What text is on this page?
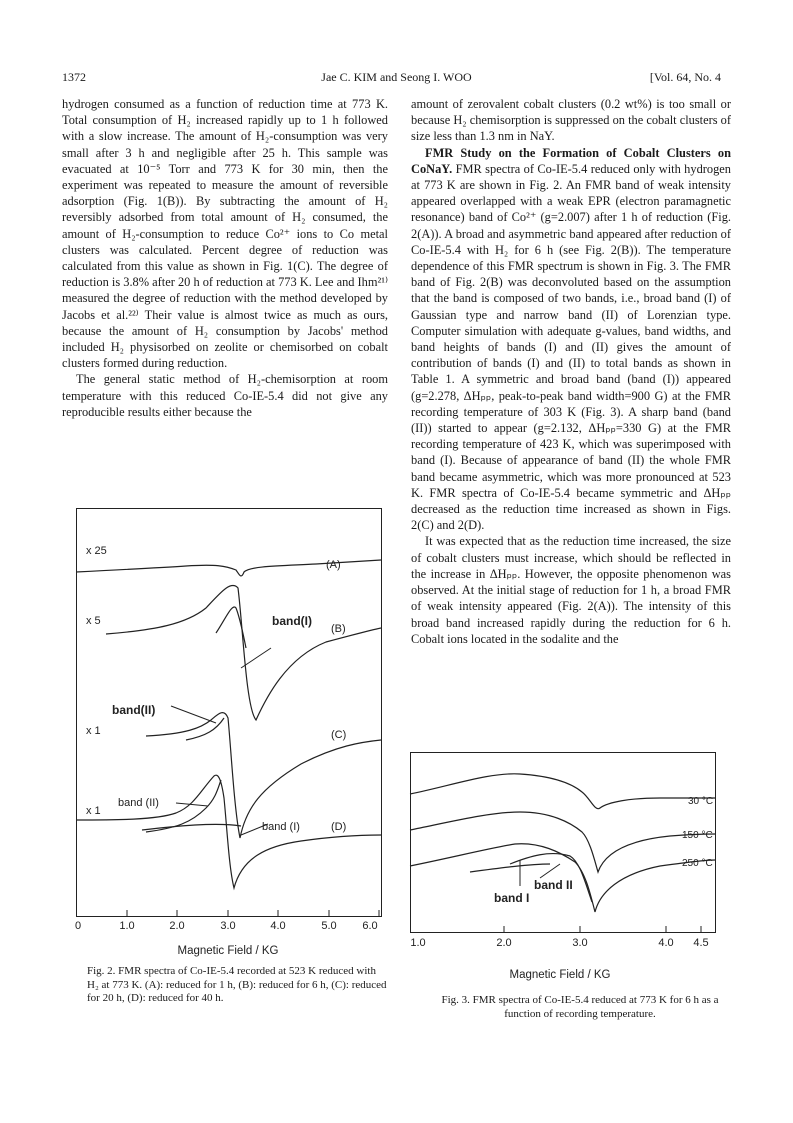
1372	Jae C. KIM and Seong I. WOO	[Vol. 64, No. 4

hydrogen consumed as a function of reduction time at 773 K. Total consumption of H₂ increased rapidly up to 1 h followed with a slow increase. The amount of H₂-consumption was very small after 3 h and negligible after 25 h. This sample was evacuated at 10⁻⁵ Torr and 773 K for 30 min, then the experiment was repeated to measure the amount of reversible adsorption (Fig. 1(B)). By subtracting the amount of H₂ reversibly adsorbed from total amount of H₂ consumed, the amount of H₂-consumption to reduce Co²⁺ ions to Co metal clusters was calculated. Percent degree of reduction was calculated from this value as shown in Fig. 1(C). The degree of reduction is 3.8% after 20 h of reduction at 773 K. Lee and Ihm²¹⁾ measured the degree of reduction with the method developed by Jacobs et al.²²⁾ Their value is almost twice as much as ours, because the amount of H₂ consumption by Jacobs' method included H₂ physisorbed on zeolite or chemisorbed on cobalt clusters formed during reduction.

The general static method of H₂-chemisorption at room temperature with this reduced Co-IE-5.4 did not give any reproducible results either because the

amount of zerovalent cobalt clusters (0.2 wt%) is too small or because H₂ chemisorption is suppressed on the cobalt clusters of size less than 1.3 nm in NaY.

FMR Study on the Formation of Cobalt Clusters on CoNaY. FMR spectra of Co-IE-5.4 reduced only with hydrogen at 773 K are shown in Fig. 2. An FMR band of weak intensity appeared overlapped with a weak EPR (electron paramagnetic resonance) band of Co²⁺ (g=2.007) after 1 h of reduction (Fig. 2(A)). A broad and asymmetric band appeared after reduction of Co-IE-5.4 with H₂ for 6 h (see Fig. 2(B)). The temperature dependence of this FMR spectrum is shown in Fig. 3. The FMR band of Fig. 2(B) was deconvoluted based on the assumption that the band is composed of two bands, i.e., broad band (I) of Gaussian type and narrow band (II) of Lorenzian type. Computer simulation with adequate g-values, band widths, and band heights of bands (I) and (II) gives the amount of contribution of bands (I) and (II) to total bands as shown in Table 1. A symmetric and broad band (band (I)) appeared (g=2.278, ΔHₚₚ, peak-to-peak band width=900 G) at the FMR recording temperature of 303 K (Fig. 3). A sharp band (band (II)) started to appear (g=2.132, ΔHₚₚ=330 G) at the FMR recording temperature of 423 K, which was superimposed with band (I). Because of appearance of band (II) the whole FMR band became asymmetric, which was more pronounced at 523 K. FMR spectra of Co-IE-5.4 became symmetric and ΔHₚₚ decreased as the reduction time increased as shown in Figs. 2(C) and 2(D).

It was expected that as the reduction time increased, the size of cobalt clusters must increase, which should be reflected in the increase in ΔHₚₚ. However, the opposite phenomenon was observed. At the initial stage of reduction for 1 h, a broad FMR of weak intensity appeared (Fig. 2(A)). The intensity of this broad band increased rapidly during the reduction for 6 h. Cobalt ions located in the sodalite and the

x 25
(A)
x 5
(B)
x 1	(C)
x 1
(D)
band(I)
band(II)
band (II)
band (I)
0	1.0	2.0	3.0	4.0	5.0 6.0
Magnetic Field / KG
Fig. 2. FMR spectra of Co-IE-5.4 recorded at 523 K reduced with H₂ at 773 K. (A): reduced for 1 h, (B): reduced for 6 h, (C): reduced for 20 h, (D): reduced for 40 h.
30 °C
150 °C
250 °C
band II
band I
1.0	2.0	3.0	4.0 4.5
Magnetic Field / KG
Fig. 3. FMR spectra of Co-IE-5.4 reduced at 773 K for 6 h as a function of recording temperature.
